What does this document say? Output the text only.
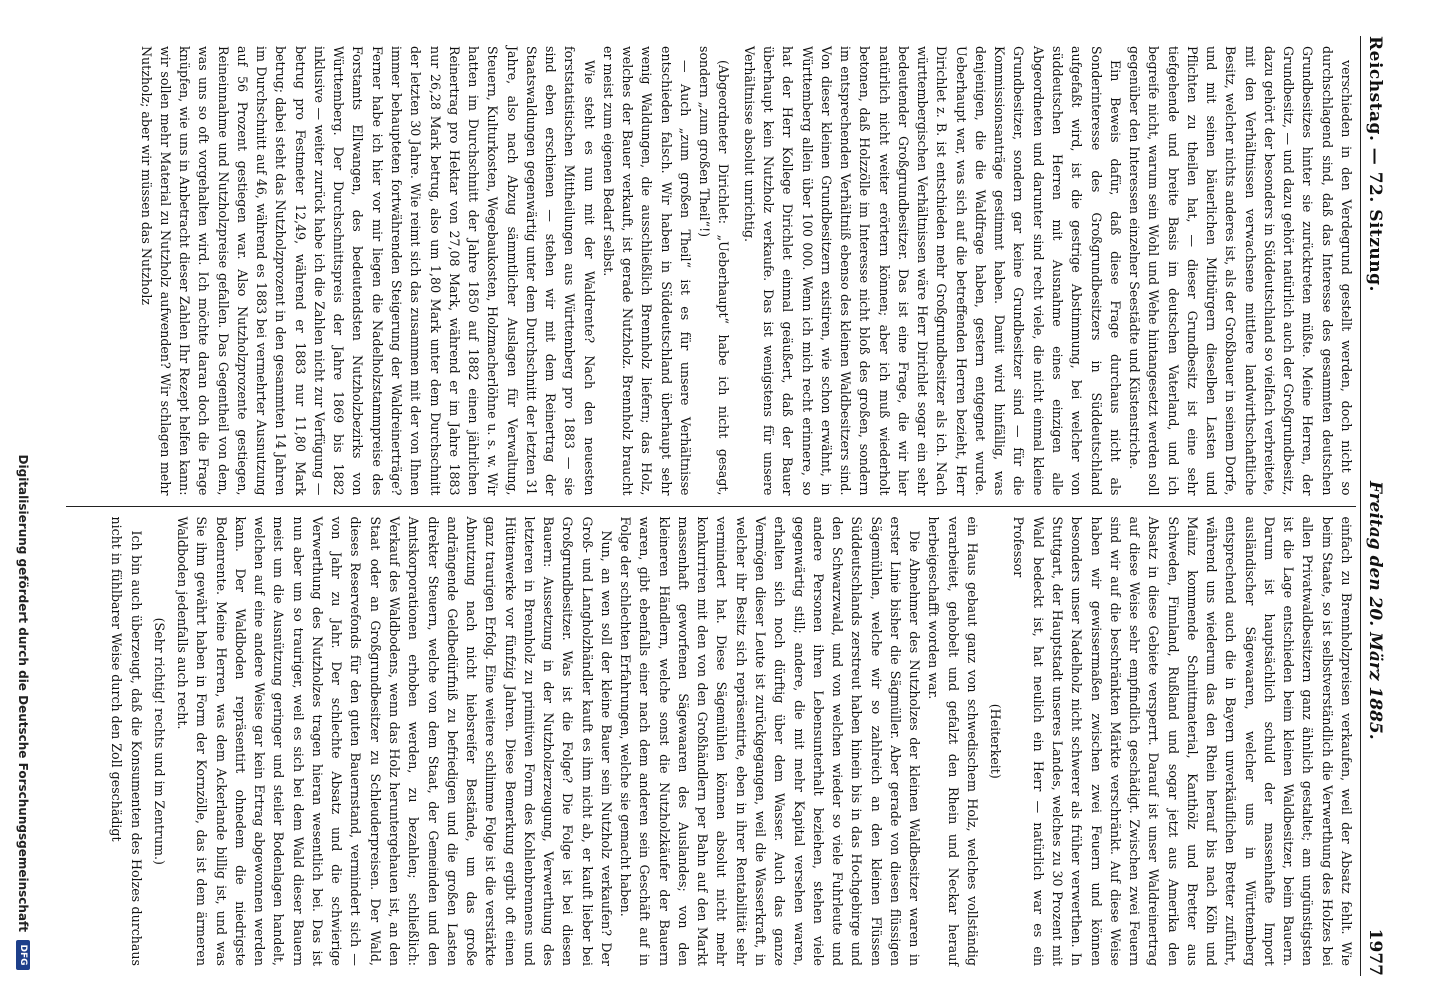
Reichstag. — 72. Sitzung.
Freitag den 20. März 1885.
1977

verschieden in den Verdegrund gestellt werden, doch nicht so durchschlagend sind, daß das Interesse des gesammten deutschen Grundbesitzes hinter sie zurücktreten müßte. Meine Herren, der Grundbesitz, — und dazu gehört natürlich auch der Großgrundbesitz, dazu gehört der besonders in Süddeutschland so vielfach verbreitete, mit den Verhältnissen verwachsene mittlere landwirthschaftliche Besitz, welcher nichts anderes ist, als der Großbauer in seinem Dorfe, und mit seinen bäuerlichen Mitbürgern dieselben Lasten und Pflichten zu theilen hat, — dieser Grundbesitz ist eine sehr tiefgehende und breite Basis im deutschen Vaterland, und ich begreife nicht, warum sein Wohl und Wehe hintangesetzt werden soll gegenüber den Interessen einzelner Seestädte und Küstenstriche.

Ein Beweis dafür, daß diese Frage durchaus nicht als Sonderinteresse des Großgrundbesitzers in Süddeutschland aufgefaßt wird, ist die gestrige Abstimmung, bei welcher von süddeutschen Herren mit Ausnahme eines einzigen alle Abgeordneten und darunter sind recht viele, die nicht einmal kleine Grundbesitzer, sondern gar keine Grundbesitzer sind — für die Kommissionsanträge gestimmt haben. Damit wird hinfällig, was denjenigen, die die Waldfrage haben, gestern entgegnet wurde. Ueberhaupt war, was sich auf die betreffenden Herren bezieht, Herr Dirichlet z. B. ist entschieden mehr Großgrundbesitzer als ich. Nach württembergischen Verhältnissen wäre Herr Dirichlet sogar ein sehr bedeutender Großgrundbesitzer. Das ist eine Frage, die wir hier natürlich nicht weiter erörtern können; aber ich muß wiederholt betonen, daß Holzzölle im Interesse nicht bloß des großen, sondern im entsprechenden Verhältniß ebenso des kleinen Waldbesitzers sind. Von dieser kleinen Grundbesitzern existiren, wie schon erwähnt, in Württemberg allein über 100 000. Wenn ich mich recht erinnere, so hat der Herr Kollege Dirichlet einmal geäußert, daß der Bauer überhaupt kein Nutzholz verkaufe. Das ist wenigstens für unsere Verhältnisse absolut unrichtig.

(Abgeordneter Dirichlet: „Ueberhaupt“ habe ich nicht gesagt, sondern „zum großen Theil“!)

— Auch „zum großen Theil“ ist es für unsere Verhältnisse entschieden falsch. Wir haben in Süddeutschland überhaupt sehr wenig Waldungen, die ausschließlich Brennholz liefern; das Holz, welches der Bauer verkauft, ist gerade Nutzholz. Brennholz braucht er meist zum eigenen Bedarf selbst.

Wie steht es nun mit der Waldrente? Nach den neuesten forststatistischen Mittheilungen aus Württemberg pro 1883 — sie sind eben erschienen — stehen wir mit dem Reinertrag der Staatswaldungen gegenwärtig unter dem Durchschnitt der letzten 31 Jahre, also nach Abzug sämmtlicher Auslagen für Verwaltung, Steuern, Kulturkosten, Wegebaukosten, Holzmacherlöhne u. s. w. Wir hatten im Durchschnitt der Jahre 1850 auf 1882 einen jährlichen Reinertrag pro Hektar von 27,08 Mark, während er im Jahre 1883 nur 26,28 Mark betrug, also um 1,80 Mark unter dem Durchschnitt der letzten 30 Jahre. Wie reimt sich das zusammen mit der von Ihnen immer behaupteten fortwährenden Steigerung der Waldreinerträge? Ferner habe ich hier vor mir liegen die Nadelholzstammpreise des Forstamts Ellwangen, des bedeutendsten Nutzholzbezirks von Württemberg. Der Durchschnittspreis der Jahre 1869 bis 1882 inklusive — weiter zurück habe ich die Zahlen nicht zur Verfügung — betrug pro Festmeter 12,49, während er 1883 nur 11,80 Mark betrug; dabei steht das Nutzholzprozent in den gesammten 14 Jahren im Durchschnitt auf 46, während es 1883 bei vermehrter Ausnutzung auf 56 Prozent gestiegen war. Also Nutzholzprozente gestiegen, Reineinnahme und Nutzholzpreise gefallen. Das Gegentheil von dem, was uns so oft vorgehalten wird. Ich möchte daran doch die Frage knüpfen, wie uns in Anbetracht dieser Zahlen Ihr Rezept helfen kann: wir sollen mehr Material zu Nutzholz aufwenden? Wir schlagen mehr Nutzholz; aber wir müssen das Nutzholz

einfach zu Brennholzpreisen verkaufen, weil der Absatz fehlt. Wie beim Staate, so ist selbstverständlich die Verwerthung des Holzes bei allen Privatwaldbesitzern ganz ähnlich gestaltet; am ungünstigsten ist die Lage entschieden beim kleinen Waldbesitzer, beim Bauern. Darum ist hauptsächlich schuld der massenhafte Import ausländischer Sägewaaren, welcher uns in Württemberg entsprechend auch die in Bayern unverkäuflichen Bretter zuführt, während uns wiederum das den Rhein herauf bis nach Köln und Mainz kommende Schnittmaterial, Kanthölz und Bretter aus Schweden, Finnland, Rußland und sogar jetzt aus Amerika den Absatz in diese Gebiete versperrt. Darauf ist unser Waldreinertrag auf diese Weise sehr empfindlich geschädigt. Zwischen zwei Feuern sind wir auf die beschränkten Märkte verschränkt. Auf diese Weise haben wir gewissermaßen zwischen zwei Feuern und können besonders unser Nadelholz nicht schwerer als früher verwerthen. In Stuttgart, der Hauptstadt unseres Landes, welches zu 30 Prozent mit Wald bedeckt ist, hat neulich ein Herr — natürlich war es ein Professor

(Heiterkeit)

ein Haus gebaut ganz von schwedischem Holz, welches vollständig verarbeitet, gehobelt und gefalzt den Rhein und Neckar herauf herbeigeschafft worden war.

Die Abnehmer des Nutzholzes der kleinen Waldbesitzer waren in erster Linie bisher die Sägmüller. Aber gerade von diesen flüssigen Sägemühlen, welche wir so zahlreich an den kleinen Flüssen Süddeutschlands zerstreut haben hinein bis in das Hochgebirge und den Schwarzwald, und von welchen wieder so viele Fuhrleute und andere Personen ihren Lebensunterhalt beziehen, stehen viele gegenwärtig still; andere, die mit mehr Kapital versehen waren, erhalten sich noch dürftig über dem Wasser. Auch das ganze Vermögen dieser Leute ist zurückgegangen, weil die Wasserkraft, in welcher ihr Besitz sich repräsentirte, eben in ihrer Rentabilität sehr vermindert hat. Diese Sägemühlen können absolut nicht mehr konkurriren mit den von den Großhändlern per Bahn auf den Markt massenhaft geworfenen Sägewaaren des Auslandes; von den kleineren Händlern, welche sonst die Nutzholzkäufer der Bauern waren, gibt ebenfalls einer nach dem anderen sein Geschäft auf in Folge der schlechten Erfahrungen, welche sie gemacht haben.

Nun, an wen soll der kleine Bauer sein Nutzholz verkaufen? Der Groß- und Langholzhändler kauft es ihm nicht ab, er kauft lieber bei Großgrundbesitzer. Was ist die Folge? Die Folge ist bei diesen Bauern: Aussetzung in der Nutzholzerzeugung, Verwerthung des letzteren in Brennholz zu primitiven Form des Kohlenbrennens und Hüttenwerke vor fünfzig Jahren. Diese Bemerkung ergibt oft einen ganz traurigen Erfolg. Eine weitere schlimme Folge ist die verstärkte Abnutzung nach nicht hiebsreifer Bestände, um das große andrängende Geldbedürfniß zu befriedigen und die großen Lasten direkter Steuern, welche von dem Staat, der Gemeinden und den Amtskorporationen erhoben werden, zu bezahlen; schließlich: Verkauf des Waldbodens, wenn das Holz heruntergehauen ist, an den Staat oder an Großgrundbesitzer zu Schleuderpreisen. Der Wald, dieses Reservefonds für den guten Bauernstand, vermindert sich — von Jahr zu Jahr. Der schlechte Absatz und die schwierige Verwerthung des Nutzholzes tragen hieran wesentlich bei. Das ist nun aber um so trauriger, weil es sich bei dem Wald dieser Bauern meist um die Ausnützung geringer und steiler Bodenlagen handelt, welchen auf eine andere Weise gar kein Ertrag abgewonnen werden kann. Der Waldboden repräsentirt ohnedem die niedrigste Bodenrente. Meine Herren, was dem Ackerlande billig ist, und was Sie ihm gewährt haben in Form der Kornzölle, das ist dem ärmeren Waldboden jedenfalls auch recht.

(Sehr richtig! rechts und im Zentrum.)

Ich bin auch überzeugt, daß die Konsumenten des Holzes durchaus nicht in fühlbarer Weise durch den Zoll geschädigt

Digitalisierung gefördert durch die Deutsche Forschungsgemeinschaft
DFG
